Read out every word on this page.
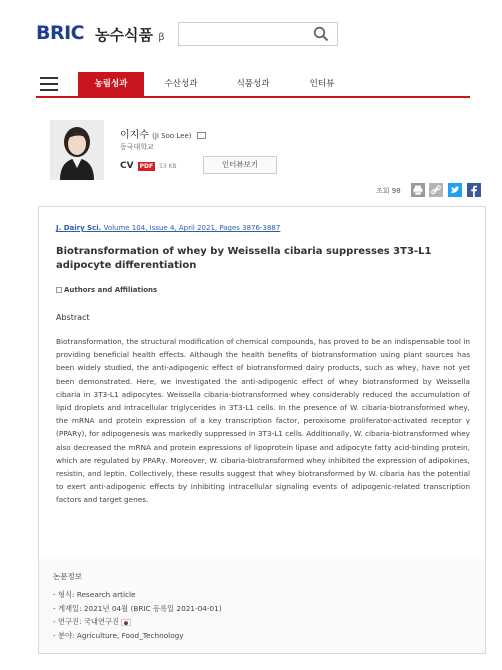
BRIC 농수식품 β
농림성과	수산성과	식품성과	인터뷰
이지수 (Ji Soo Lee)
동국대학교
CV	PDF	53 KB	인터뷰보기
조회 98
J. Dairy Sci. Volume 104, Issue 4, April 2021, Pages 3876-3887
Biotransformation of whey by Weissella cibaria suppresses 3T3-L1 adipocyte differentiation
Authors and Affiliations
Abstract
Biotransformation, the structural modification of chemical compounds, has proved to be an indispensable tool in providing beneficial health effects. Although the health benefits of biotransformation using plant sources has been widely studied, the anti-adipogenic effect of biotransformed dairy products, such as whey, have not yet been demonstrated. Here, we investigated the anti-adipogenic effect of whey biotransformed by Weissella cibaria in 3T3-L1 adipocytes. Weissella cibaria-biotransformed whey considerably reduced the accumulation of lipid droplets and intracellular triglycerides in 3T3-L1 cells. In the presence of W. cibaria-biotransformed whey, the mRNA and protein expression of a key transcription factor, peroxisome proliferator-activated receptor γ (PPARγ), for adipogenesis was markedly suppressed in 3T3-L1 cells. Additionally, W. cibaria-biotransformed whey also decreased the mRNA and protein expressions of lipoprotein lipase and adipocyte fatty acid-binding protein, which are regulated by PPARγ. Moreover, W. cibaria-biotransformed whey inhibited the expression of adipokines, resistin, and leptin. Collectively, these results suggest that whey biotransformed by W. cibaria has the potential to exert anti-adipogenic effects by inhibiting intracellular signaling events of adipogenic-related transcription factors and target genes.
논문정보
- 형식: Research article
- 게재일: 2021년 04월 (BRIC 등록일 2021-04-01)
- 연구진: 국내연구진
- 분야: Agriculture, Food_Technology
